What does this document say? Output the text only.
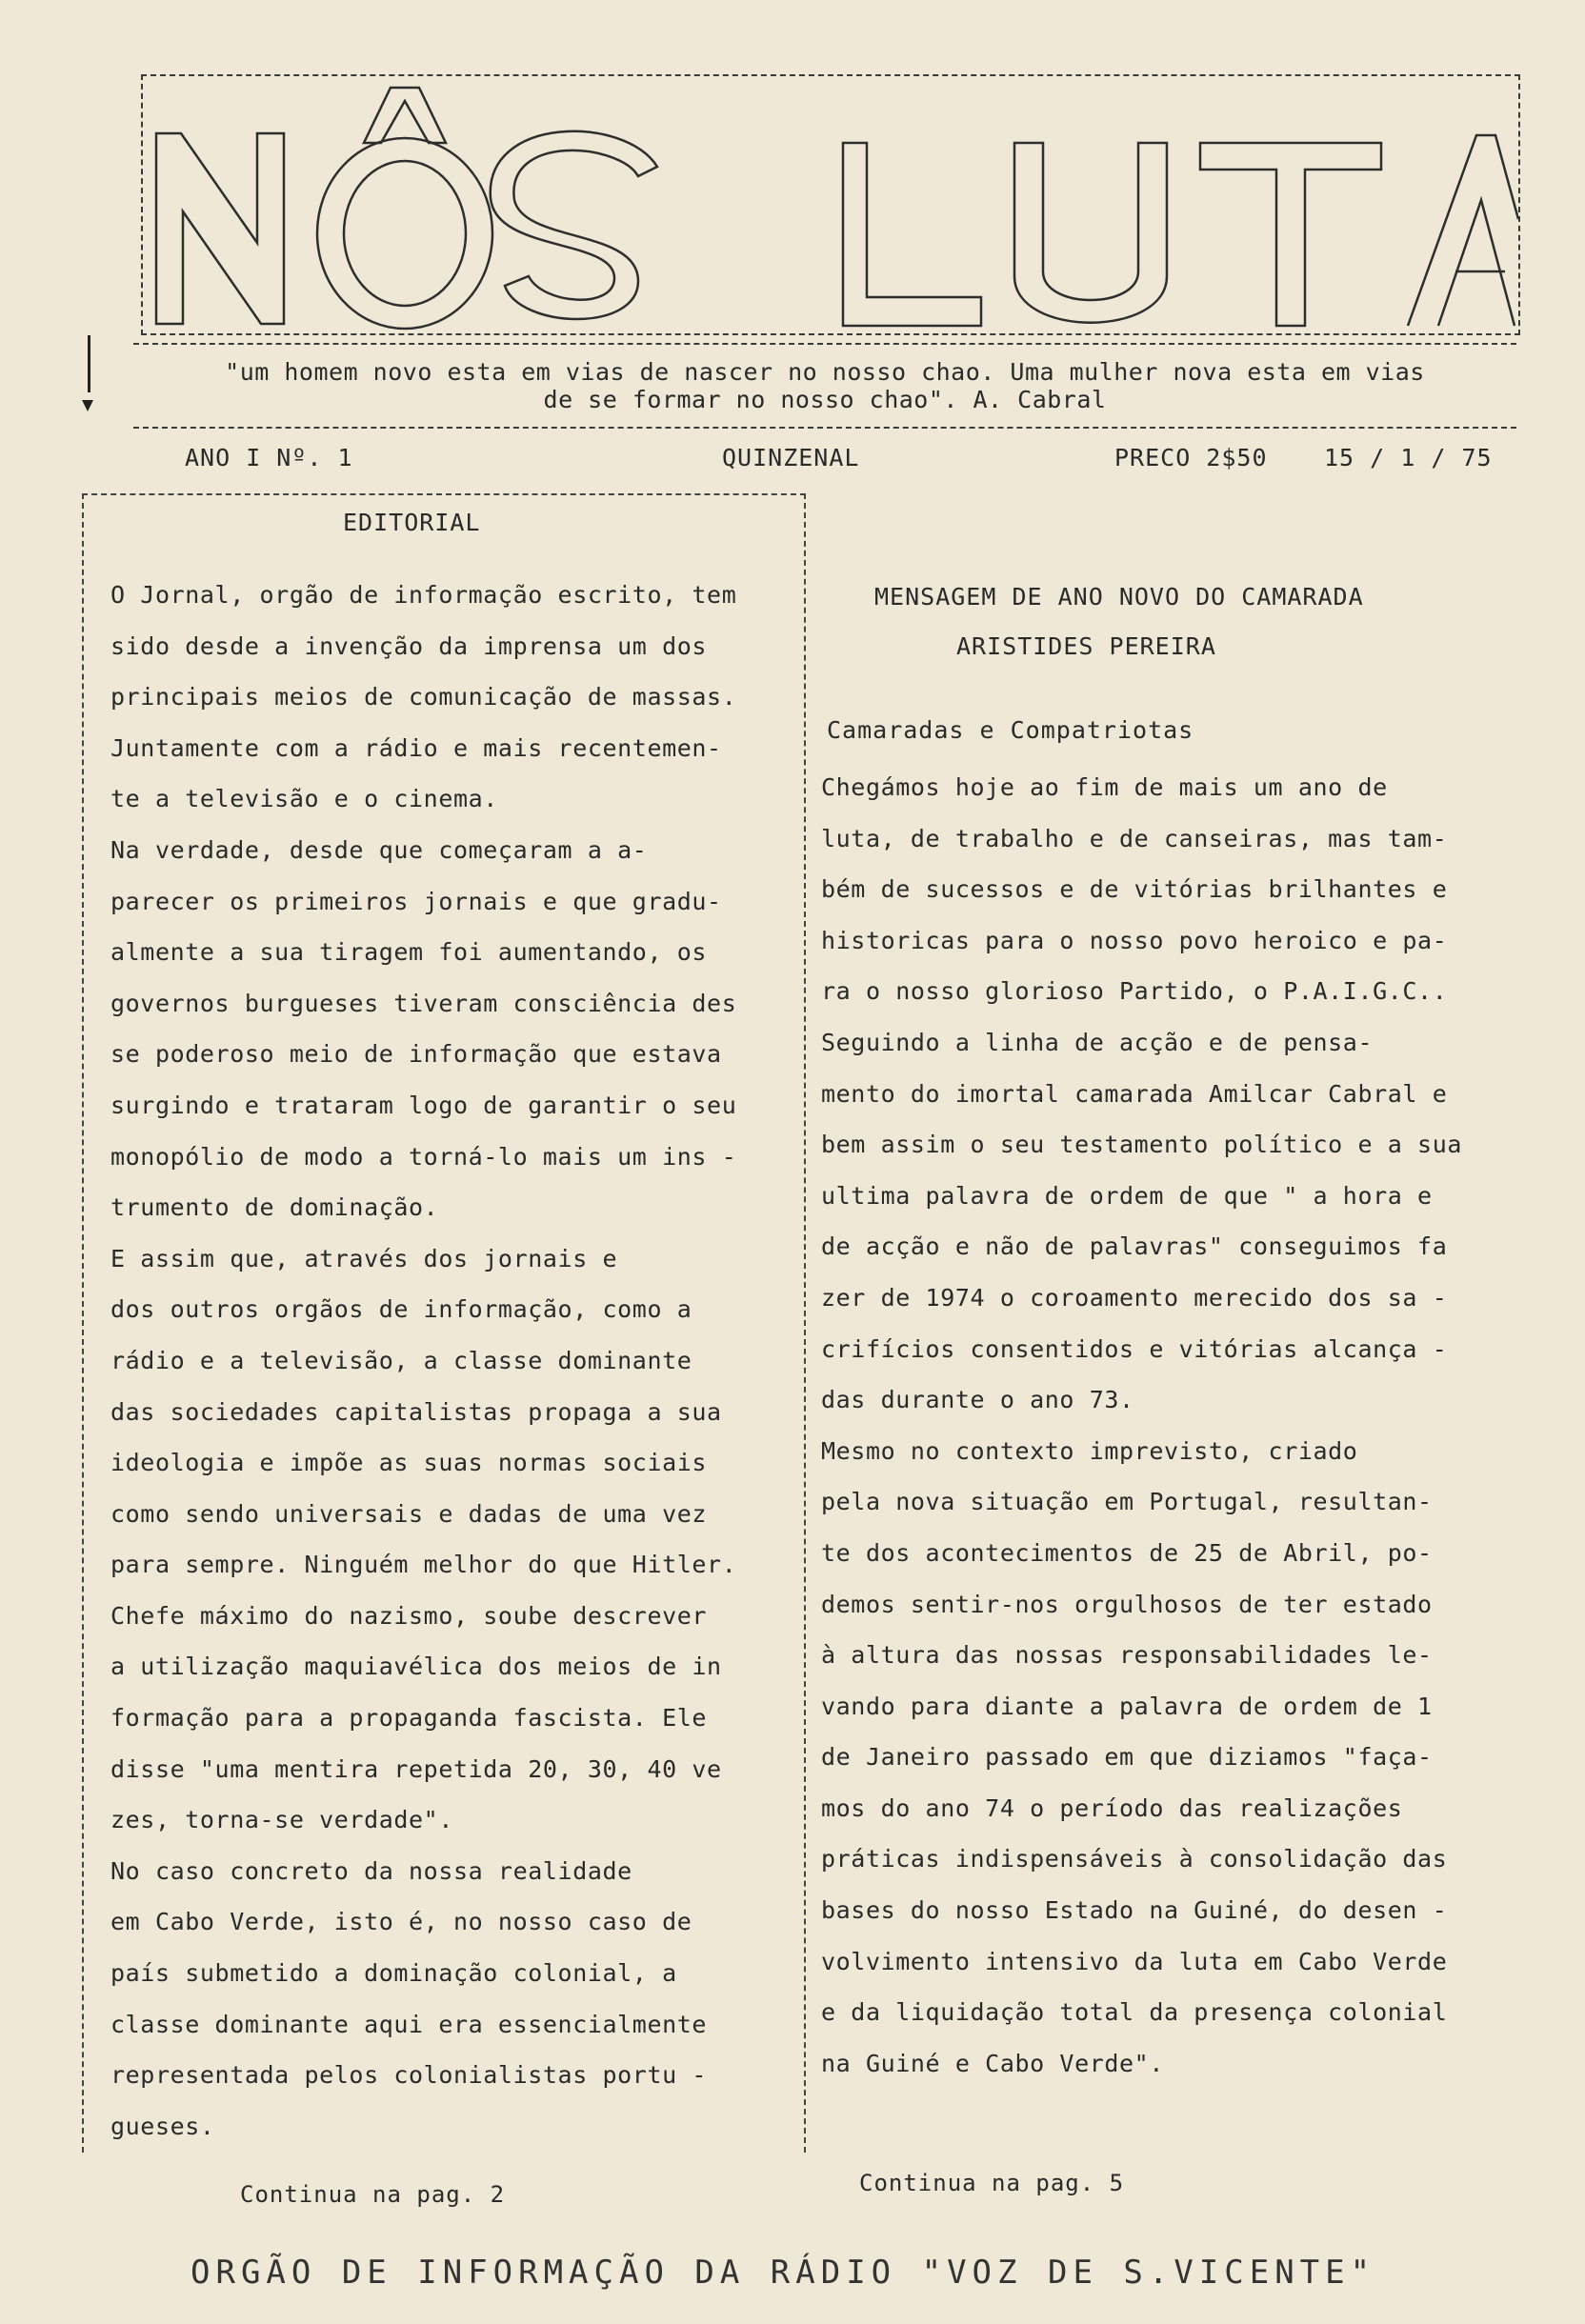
"um homem novo esta em vias de nascer no nosso chao. Uma mulher nova esta em vias
de se formar no nosso chao". A. Cabral
ANO I Nº. 1	QUINZENAL	PRECO 2$50 15 / 1 / 75
EDITORIAL
O Jornal, orgão de informação escrito, tem
sido desde a invenção da imprensa um dos
principais meios de comunicação de massas.
Juntamente com a rádio e mais recentemen-
te a televisão e o cinema.
Na verdade, desde que começaram a a-
parecer os primeiros jornais e que gradu-
almente a sua tiragem foi aumentando, os
governos burgueses tiveram consciência des
se poderoso meio de informação que estava
surgindo e trataram logo de garantir o seu
monopólio de modo a torná-lo mais um ins -
trumento de dominação.
E assim que, através dos jornais e
dos outros orgãos de informação, como a
rádio e a televisão, a classe dominante
das sociedades capitalistas propaga a sua
ideologia e impõe as suas normas sociais
como sendo universais e dadas de uma vez
para sempre. Ninguém melhor do que Hitler.
Chefe máximo do nazismo, soube descrever
a utilização maquiavélica dos meios de in
formação para a propaganda fascista. Ele
disse "uma mentira repetida 20, 30, 40 ve
zes, torna-se verdade".
No caso concreto da nossa realidade
em Cabo Verde, isto é, no nosso caso de
país submetido a dominação colonial, a
classe dominante aqui era essencialmente
representada pelos colonialistas portu -
gueses.
Continua na pag. 2
MENSAGEM DE ANO NOVO DO CAMARADA
ARISTIDES PEREIRA
Camaradas e Compatriotas
Chegámos hoje ao fim de mais um ano de
luta, de trabalho e de canseiras, mas tam-
bém de sucessos e de vitórias brilhantes e
historicas para o nosso povo heroico e pa-
ra o nosso glorioso Partido, o P.A.I.G.C..
Seguindo a linha de acção e de pensa-
mento do imortal camarada Amilcar Cabral e
bem assim o seu testamento político e a sua
ultima palavra de ordem de que " a hora e
de acção e não de palavras" conseguimos fa
zer de 1974 o coroamento merecido dos sa -
crifícios consentidos e vitórias alcança -
das durante o ano 73.
Mesmo no contexto imprevisto, criado
pela nova situação em Portugal, resultan-
te dos acontecimentos de 25 de Abril, po-
demos sentir-nos orgulhosos de ter estado
à altura das nossas responsabilidades le-
vando para diante a palavra de ordem de 1
de Janeiro passado em que diziamos "faça-
mos do ano 74 o período das realizações
práticas indispensáveis à consolidação das
bases do nosso Estado na Guiné, do desen -
volvimento intensivo da luta em Cabo Verde
e da liquidação total da presença colonial
na Guiné e Cabo Verde".
Continua na pag. 5
ORGÃO DE INFORMAÇÃO DA RÁDIO "VOZ DE S.VICENTE"
